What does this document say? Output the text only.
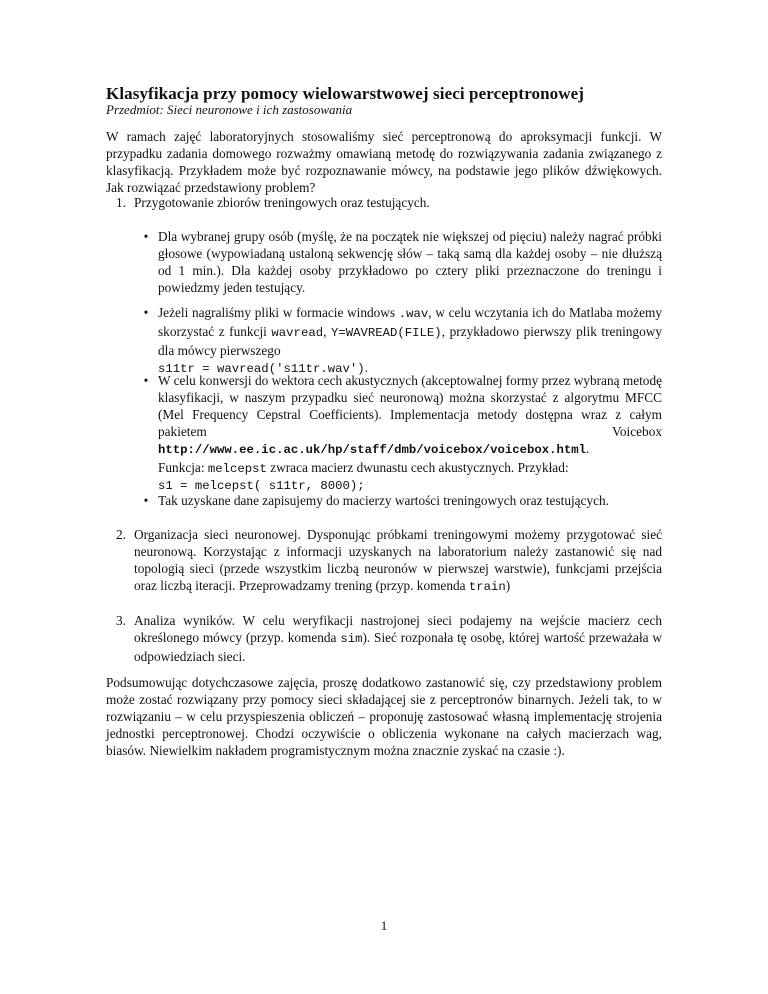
Klasyfikacja przy pomocy wielowarstwowej sieci perceptronowej
Przedmiot: Sieci neuronowe i ich zastosowania

W ramach zajęć laboratoryjnych stosowaliśmy sieć perceptronową do aproksymacji funkcji. W przypadku zadania domowego rozważmy omawianą metodę do rozwiązywania zadania związanego z klasyfikacją. Przykładem może być rozpoznawanie mówcy, na podstawie jego plików dźwiękowych. Jak rozwiązać przedstawiony problem?

1. Przygotowanie zbiorów treningowych oraz testujących.
• Dla wybranej grupy osób (myślę, że na początek nie większej od pięciu) należy nagrać próbki głosowe (wypowiadaną ustaloną sekwencję słów – taką samą dla każdej osoby – nie dłuższą od 1 min.). Dla każdej osoby przykładowo po cztery pliki przeznaczone do treningu i powiedzmy jeden testujący.
• Jeżeli nagraliśmy pliki w formacie windows .wav, w celu wczytania ich do Matlaba możemy skorzystać z funkcji wavread, Y=WAVREAD(FILE), przykładowo pierwszy plik treningowy dla mówcy pierwszego
s11tr = wavread('s11tr.wav').
• W celu konwersji do wektora cech akustycznych (akceptowalnej formy przez wybraną metodę klasyfikacji, w naszym przypadku sieć neuronową) można skorzystać z algorytmu MFCC (Mel Frequency Cepstral Coefficients). Implementacja metody dostępna wraz z całym pakietem Voicebox http://www.ee.ic.ac.uk/hp/staff/dmb/voicebox/voicebox.html.
Funkcja: melcepst zwraca macierz dwunastu cech akustycznych. Przykład:
s1 = melcepst( s11tr, 8000);
• Tak uzyskane dane zapisujemy do macierzy wartości treningowych oraz testujących.
2. Organizacja sieci neuronowej. Dysponując próbkami treningowymi możemy przygotować sieć neuronową. Korzystając z informacji uzyskanych na laboratorium należy zastanowić się nad topologią sieci (przede wszystkim liczbą neuronów w pierwszej warstwie), funkcjami przejścia oraz liczbą iteracji. Przeprowadzamy trening (przyp. komenda train)
3. Analiza wyników. W celu weryfikacji nastrojonej sieci podajemy na wejście macierz cech określonego mówcy (przyp. komenda sim). Sieć rozponała tę osobę, której wartość przeważała w odpowiedziach sieci.

Podsumowując dotychczasowe zajęcia, proszę dodatkowo zastanowić się, czy przedstawiony problem może zostać rozwiązany przy pomocy sieci składającej sie z perceptronów binarnych. Jeżeli tak, to w rozwiązaniu – w celu przyspieszenia obliczeń – proponuję zastosować własną implementację strojenia jednostki perceptronowej. Chodzi oczywiście o obliczenia wykonane na całych macierzach wag, biasów. Niewielkim nakładem programistycznym można znacznie zyskać na czasie :).

1
